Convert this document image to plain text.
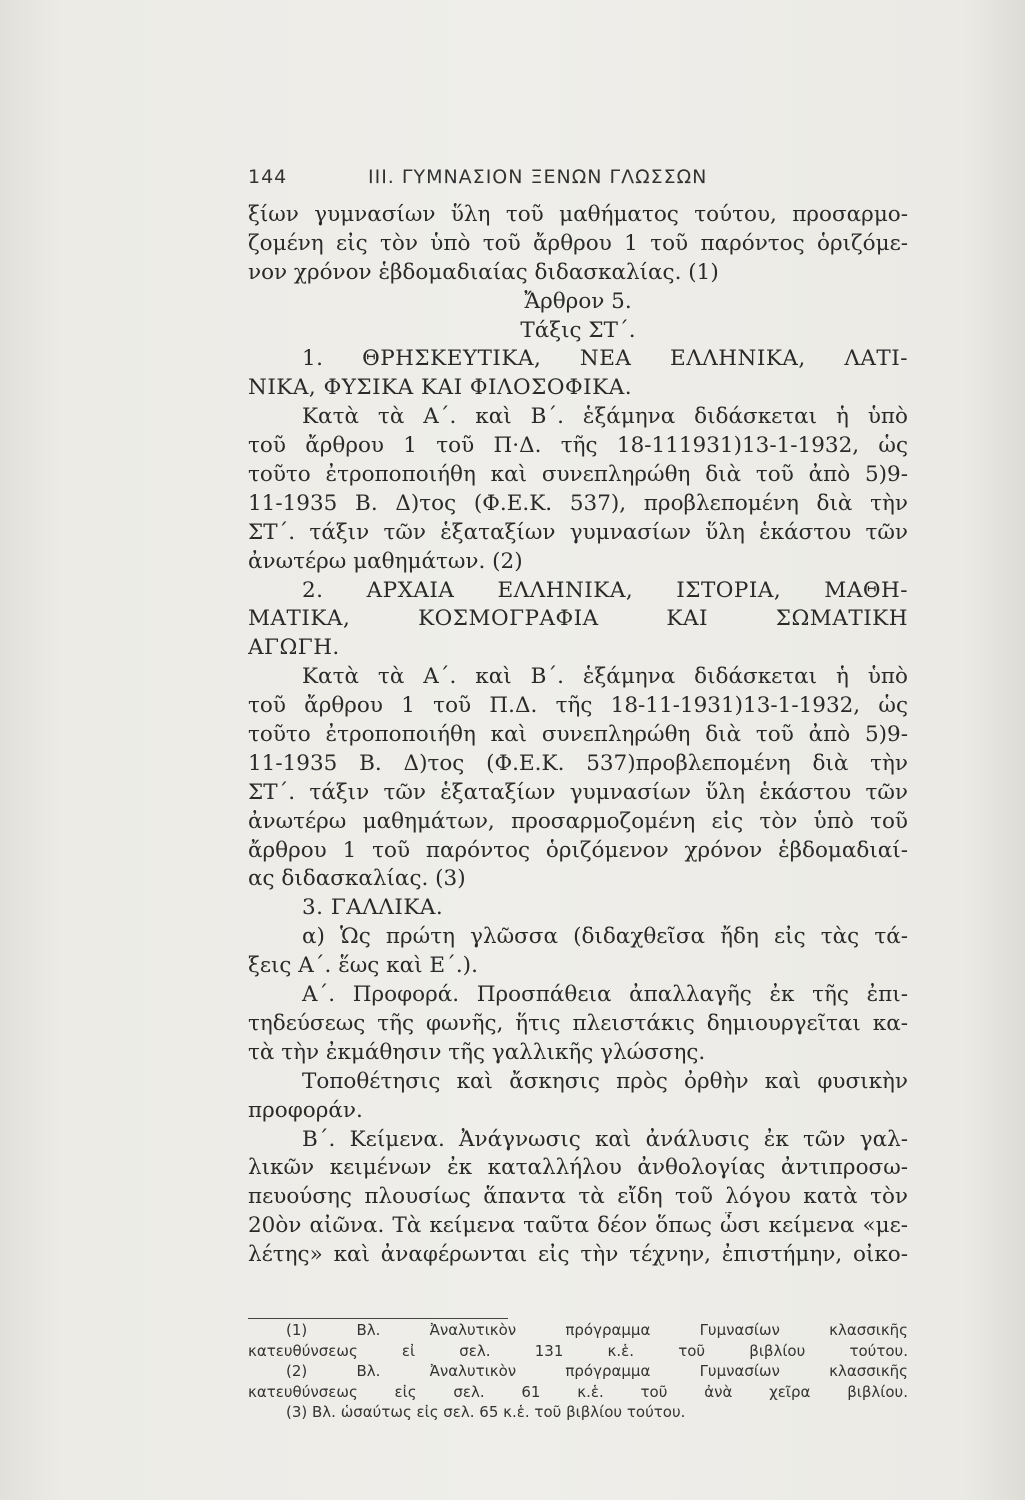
144	ΙΙΙ. ΓΥΜΝΑΣΙΟΝ ΞΕΝΩΝ ΓΛΩΣΣΩΝ
ξίων γυμνασίων ὕλη τοῦ μαθήματος τούτου, προσαρμο-
ζομένη εἰς τὸν ὑπὸ τοῦ ἄρθρου 1 τοῦ παρόντος ὁριζόμε-
νον χρόνον ἑβδομαδιαίας διδασκαλίας. (1)
Ἄρθρον 5.
Τάξις ΣΤ΄.
1. ΘΡΗΣΚΕΥΤΙΚΑ, ΝΕΑ ΕΛΛΗΝΙΚΑ, ΛΑΤΙ-
ΝΙΚΑ, ΦΥΣΙΚΑ ΚΑΙ ΦΙΛΟΣΟΦΙΚΑ.
Κατὰ τὰ Α΄. καὶ Β΄. ἑξάμηνα διδάσκεται ἡ ὑπὸ
τοῦ ἄρθρου 1 τοῦ Π·Δ. τῆς 18-111931)13-1-1932, ὡς
τοῦτο ἐτροποποιήθη καὶ συνεπληρώθη διὰ τοῦ ἀπὸ 5)9-
11-1935 Β. Δ)τος (Φ.Ε.Κ. 537), προβλεπομένη διὰ τὴν
ΣΤ΄. τάξιν τῶν ἑξαταξίων γυμνασίων ὕλη ἑκάστου τῶν
ἀνωτέρω μαθημάτων. (2)
2. ΑΡΧΑΙΑ ΕΛΛΗΝΙΚΑ, ΙΣΤΟΡΙΑ, ΜΑΘΗ-
ΜΑΤΙΚΑ, ΚΟΣΜΟΓΡΑΦΙΑ ΚΑΙ ΣΩΜΑΤΙΚΗ
ΑΓΩΓΗ.
Κατὰ τὰ Α΄. καὶ Β΄. ἑξάμηνα διδάσκεται ἡ ὑπὸ
τοῦ ἄρθρου 1 τοῦ Π.Δ. τῆς 18-11-1931)13-1-1932, ὡς
τοῦτο ἐτροποποιήθη καὶ συνεπληρώθη διὰ τοῦ ἀπὸ 5)9-
11-1935 Β. Δ)τος (Φ.Ε.Κ. 537)προβλεπομένη διὰ τὴν
ΣΤ΄. τάξιν τῶν ἑξαταξίων γυμνασίων ὕλη ἑκάστου τῶν
ἀνωτέρω μαθημάτων, προσαρμοζομένη εἰς τὸν ὑπὸ τοῦ
ἄρθρου 1 τοῦ παρόντος ὁριζόμενον χρόνον ἑβδομαδιαί-
ας διδασκαλίας. (3)
3. ΓΑΛΛΙΚΑ.
α) Ὡς πρώτη γλῶσσα (διδαχθεῖσα ἤδη εἰς τὰς τά-
ξεις Α΄. ἕως καὶ Ε΄.).
Α΄. Προφορά. Προσπάθεια ἀπαλλαγῆς ἐκ τῆς ἐπι-
τηδεύσεως τῆς φωνῆς, ἥτις πλειστάκις δημιουργεῖται κα-
τὰ τὴν ἐκμάθησιν τῆς γαλλικῆς γλώσσης.
Τοποθέτησις καὶ ἄσκησις πρὸς ὀρθὴν καὶ φυσικὴν
προφοράν.
Β΄. Κείμενα. Ἀνάγνωσις καὶ ἀνάλυσις ἐκ τῶν γαλ-
λικῶν κειμένων ἐκ καταλλήλου ἀνθολογίας ἀντιπροσω-
πευούσης πλουσίως ἅπαντα τὰ εἴδη τοῦ λόγου κατὰ τὸν
20ὸν αἰῶνα. Τὰ κείμενα ταῦτα δέον ὅπως ὦσι κείμενα «με-
λέτης» καὶ ἀναφέρωνται εἰς τὴν τέχνην, ἐπιστήμην, οἰκο-
(1) Βλ. Ἀναλυτικὸν πρόγραμμα Γυμνασίων κλασσικῆς
κατευθύνσεως εἰ σελ. 131 κ.ἑ. τοῦ βιβλίου τούτου.
(2) Βλ. Ἀναλυτικὸν πρόγραμμα Γυμνασίων κλασσικῆς
κατευθύνσεως εἰς σελ. 61 κ.ἑ. τοῦ ἀνὰ χεῖρα βιβλίου.
(3) Βλ. ὡσαύτως εἰς σελ. 65 κ.ἑ. τοῦ βιβλίου τούτου.
